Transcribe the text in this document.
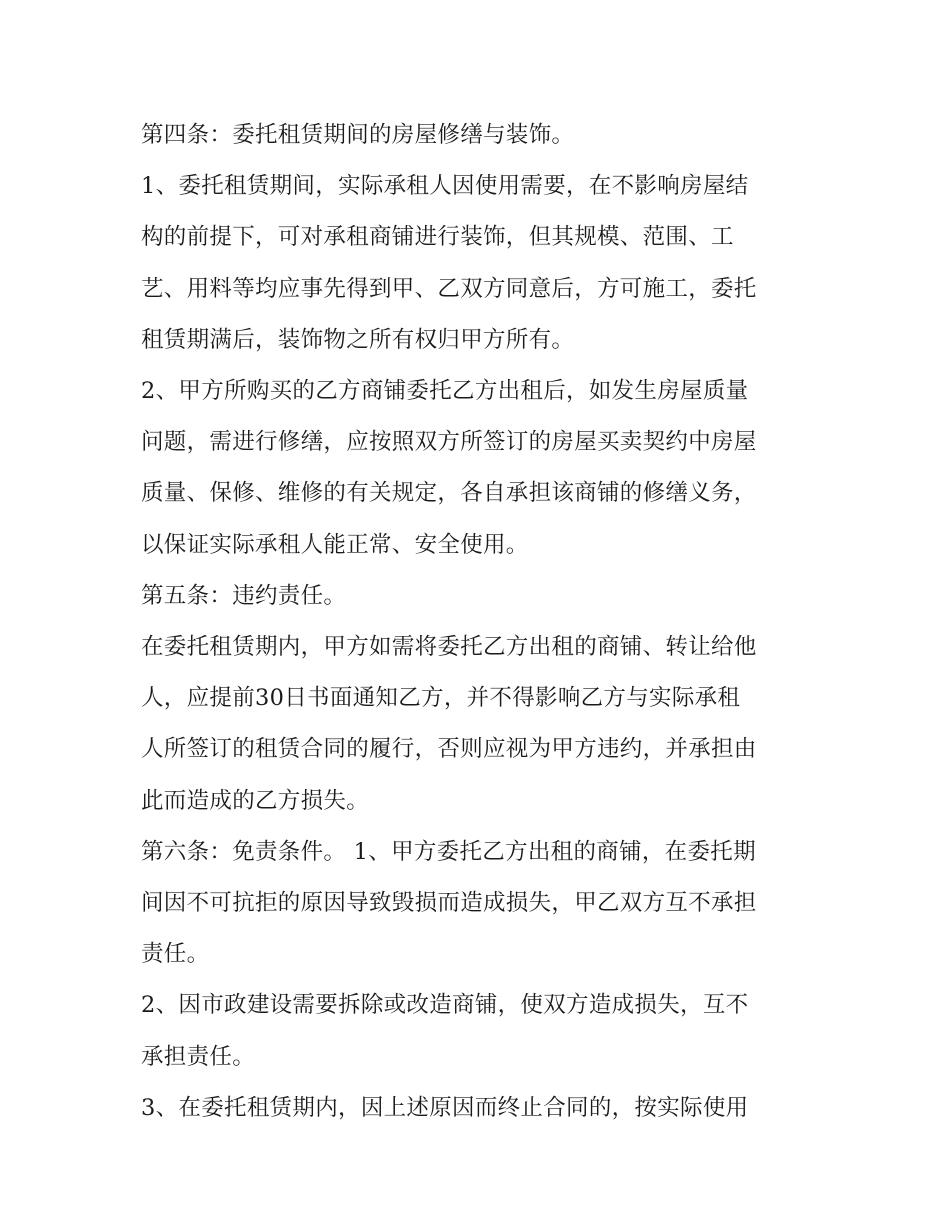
第四条：委托租赁期间的房屋修缮与装饰。

1、委托租赁期间，实际承租人因使用需要，在不影响房屋结

构的前提下，可对承租商铺进行装饰，但其规模、范围、工

艺、用料等均应事先得到甲、乙双方同意后，方可施工，委托

租赁期满后，装饰物之所有权归甲方所有。

2、甲方所购买的乙方商铺委托乙方出租后，如发生房屋质量

问题，需进行修缮，应按照双方所签订的房屋买卖契约中房屋

质量、保修、维修的有关规定，各自承担该商铺的修缮义务，

以保证实际承租人能正常、安全使用。

第五条：违约责任。

在委托租赁期内，甲方如需将委托乙方出租的商铺、转让给他

人，应提前30日书面通知乙方，并不得影响乙方与实际承租

人所签订的租赁合同的履行，否则应视为甲方违约，并承担由

此而造成的乙方损失。

第六条：免责条件。 1、甲方委托乙方出租的商铺，在委托期

间因不可抗拒的原因导致毁损而造成损失，甲乙双方互不承担

责任。

2、因市政建设需要拆除或改造商铺，使双方造成损失，互不

承担责任。

3、在委托租赁期内，因上述原因而终止合同的，按实际使用
